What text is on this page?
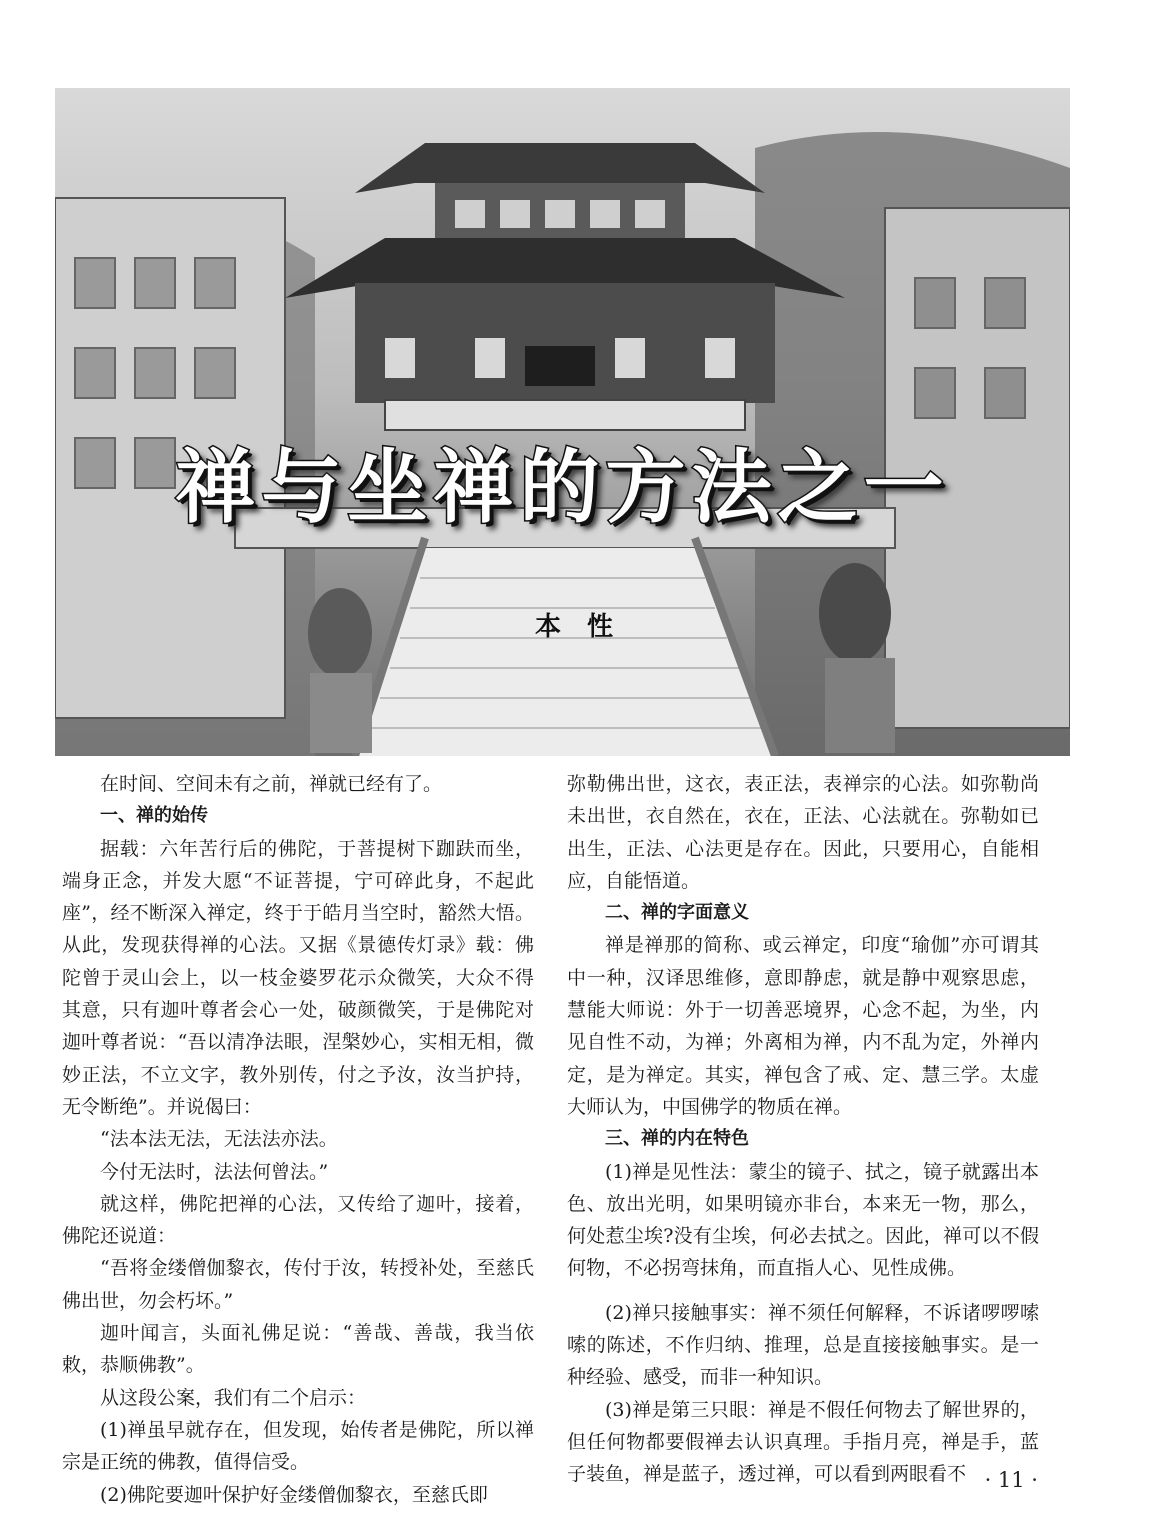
禅与坐禅的方法之一
本性

在时间、空间未有之前，禅就已经有了。

一、禅的始传

据载：六年苦行后的佛陀，于菩提树下跏趺而坐，端身正念，并发大愿“不证菩提，宁可碎此身，不起此座”，经不断深入禅定，终于于皓月当空时，豁然大悟。从此，发现获得禅的心法。又据《景德传灯录》载：佛陀曾于灵山会上，以一枝金婆罗花示众微笑，大众不得其意，只有迦叶尊者会心一处，破颜微笑，于是佛陀对迦叶尊者说：“吾以清净法眼，涅槃妙心，实相无相，微妙正法，不立文字，教外别传，付之予汝，汝当护持，无令断绝”。并说偈曰：

“法本法无法，无法法亦法。

今付无法时，法法何曾法。”

就这样，佛陀把禅的心法，又传给了迦叶，接着，佛陀还说道：

“吾将金缕僧伽黎衣，传付于汝，转授补处，至慈氏佛出世，勿会朽坏。”

迦叶闻言，头面礼佛足说：“善哉、善哉，我当依敕，恭顺佛教”。

从这段公案，我们有二个启示：

(1)禅虽早就存在，但发现，始传者是佛陀，所以禅宗是正统的佛教，值得信受。

(2)佛陀要迦叶保护好金缕僧伽黎衣，至慈氏即

弥勒佛出世，这衣，表正法，表禅宗的心法。如弥勒尚未出世，衣自然在，衣在，正法、心法就在。弥勒如已出生，正法、心法更是存在。因此，只要用心，自能相应，自能悟道。

二、禅的字面意义

禅是禅那的简称、或云禅定，印度“瑜伽”亦可谓其中一种，汉译思维修，意即静虑，就是静中观察思虑，慧能大师说：外于一切善恶境界，心念不起，为坐，内见自性不动，为禅；外离相为禅，内不乱为定，外禅内定，是为禅定。其实，禅包含了戒、定、慧三学。太虚大师认为，中国佛学的物质在禅。

三、禅的内在特色

(1)禅是见性法：蒙尘的镜子、拭之，镜子就露出本色、放出光明，如果明镜亦非台，本来无一物，那么，何处惹尘埃?没有尘埃，何必去拭之。因此，禅可以不假何物，不必拐弯抹角，而直指人心、见性成佛。

(2)禅只接触事实：禅不须任何解释，不诉诸啰啰嗦嗦的陈述，不作归纳、推理，总是直接接触事实。是一种经验、感受，而非一种知识。

(3)禅是第三只眼：禅是不假任何物去了解世界的，但任何物都要假禅去认识真理。手指月亮，禅是手，蓝子装鱼，禅是蓝子，透过禅，可以看到两眼看不 · 11 ·
